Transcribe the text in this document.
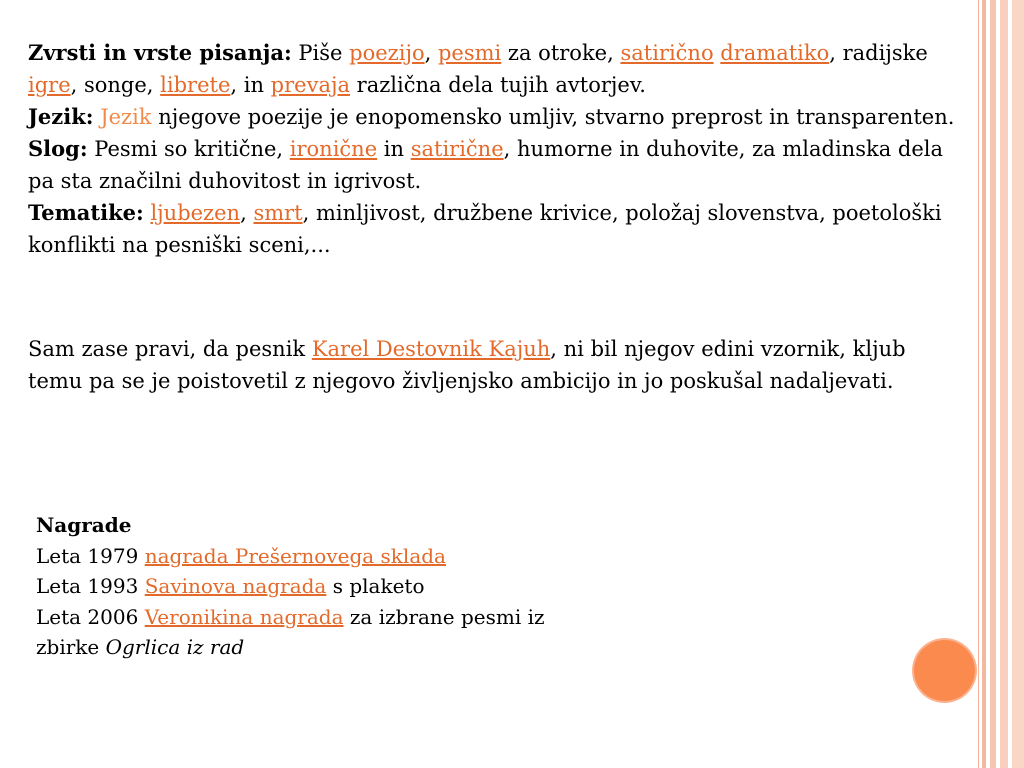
Zvrsti in vrste pisanja: Piše poezijo, pesmi za otroke, satirično dramatiko, radijske igre, songe, librete, in prevaja različna dela tujih avtorjev.

Jezik: Jezik njegove poezije je enopomensko umljiv, stvarno preprost in transparenten.

Slog: Pesmi so kritične, ironične in satirične, humorne in duhovite, za mladinska dela pa sta značilni duhovitost in igrivost.

Tematike: ljubezen, smrt, minljivost, družbene krivice, položaj slovenstva, poetološki konflikti na pesniški sceni,...

Sam zase pravi, da pesnik Karel Destovnik Kajuh, ni bil njegov edini vzornik, kljub temu pa se je poistovetil z njegovo življenjsko ambicijo in jo poskušal nadaljevati.

Nagrade
Leta 1979 nagrada Prešernovega sklada
Leta 1993 Savinova nagrada s plaketo
Leta 2006 Veronikina nagrada za izbrane pesmi iz zbirke Ogrlica iz rad
